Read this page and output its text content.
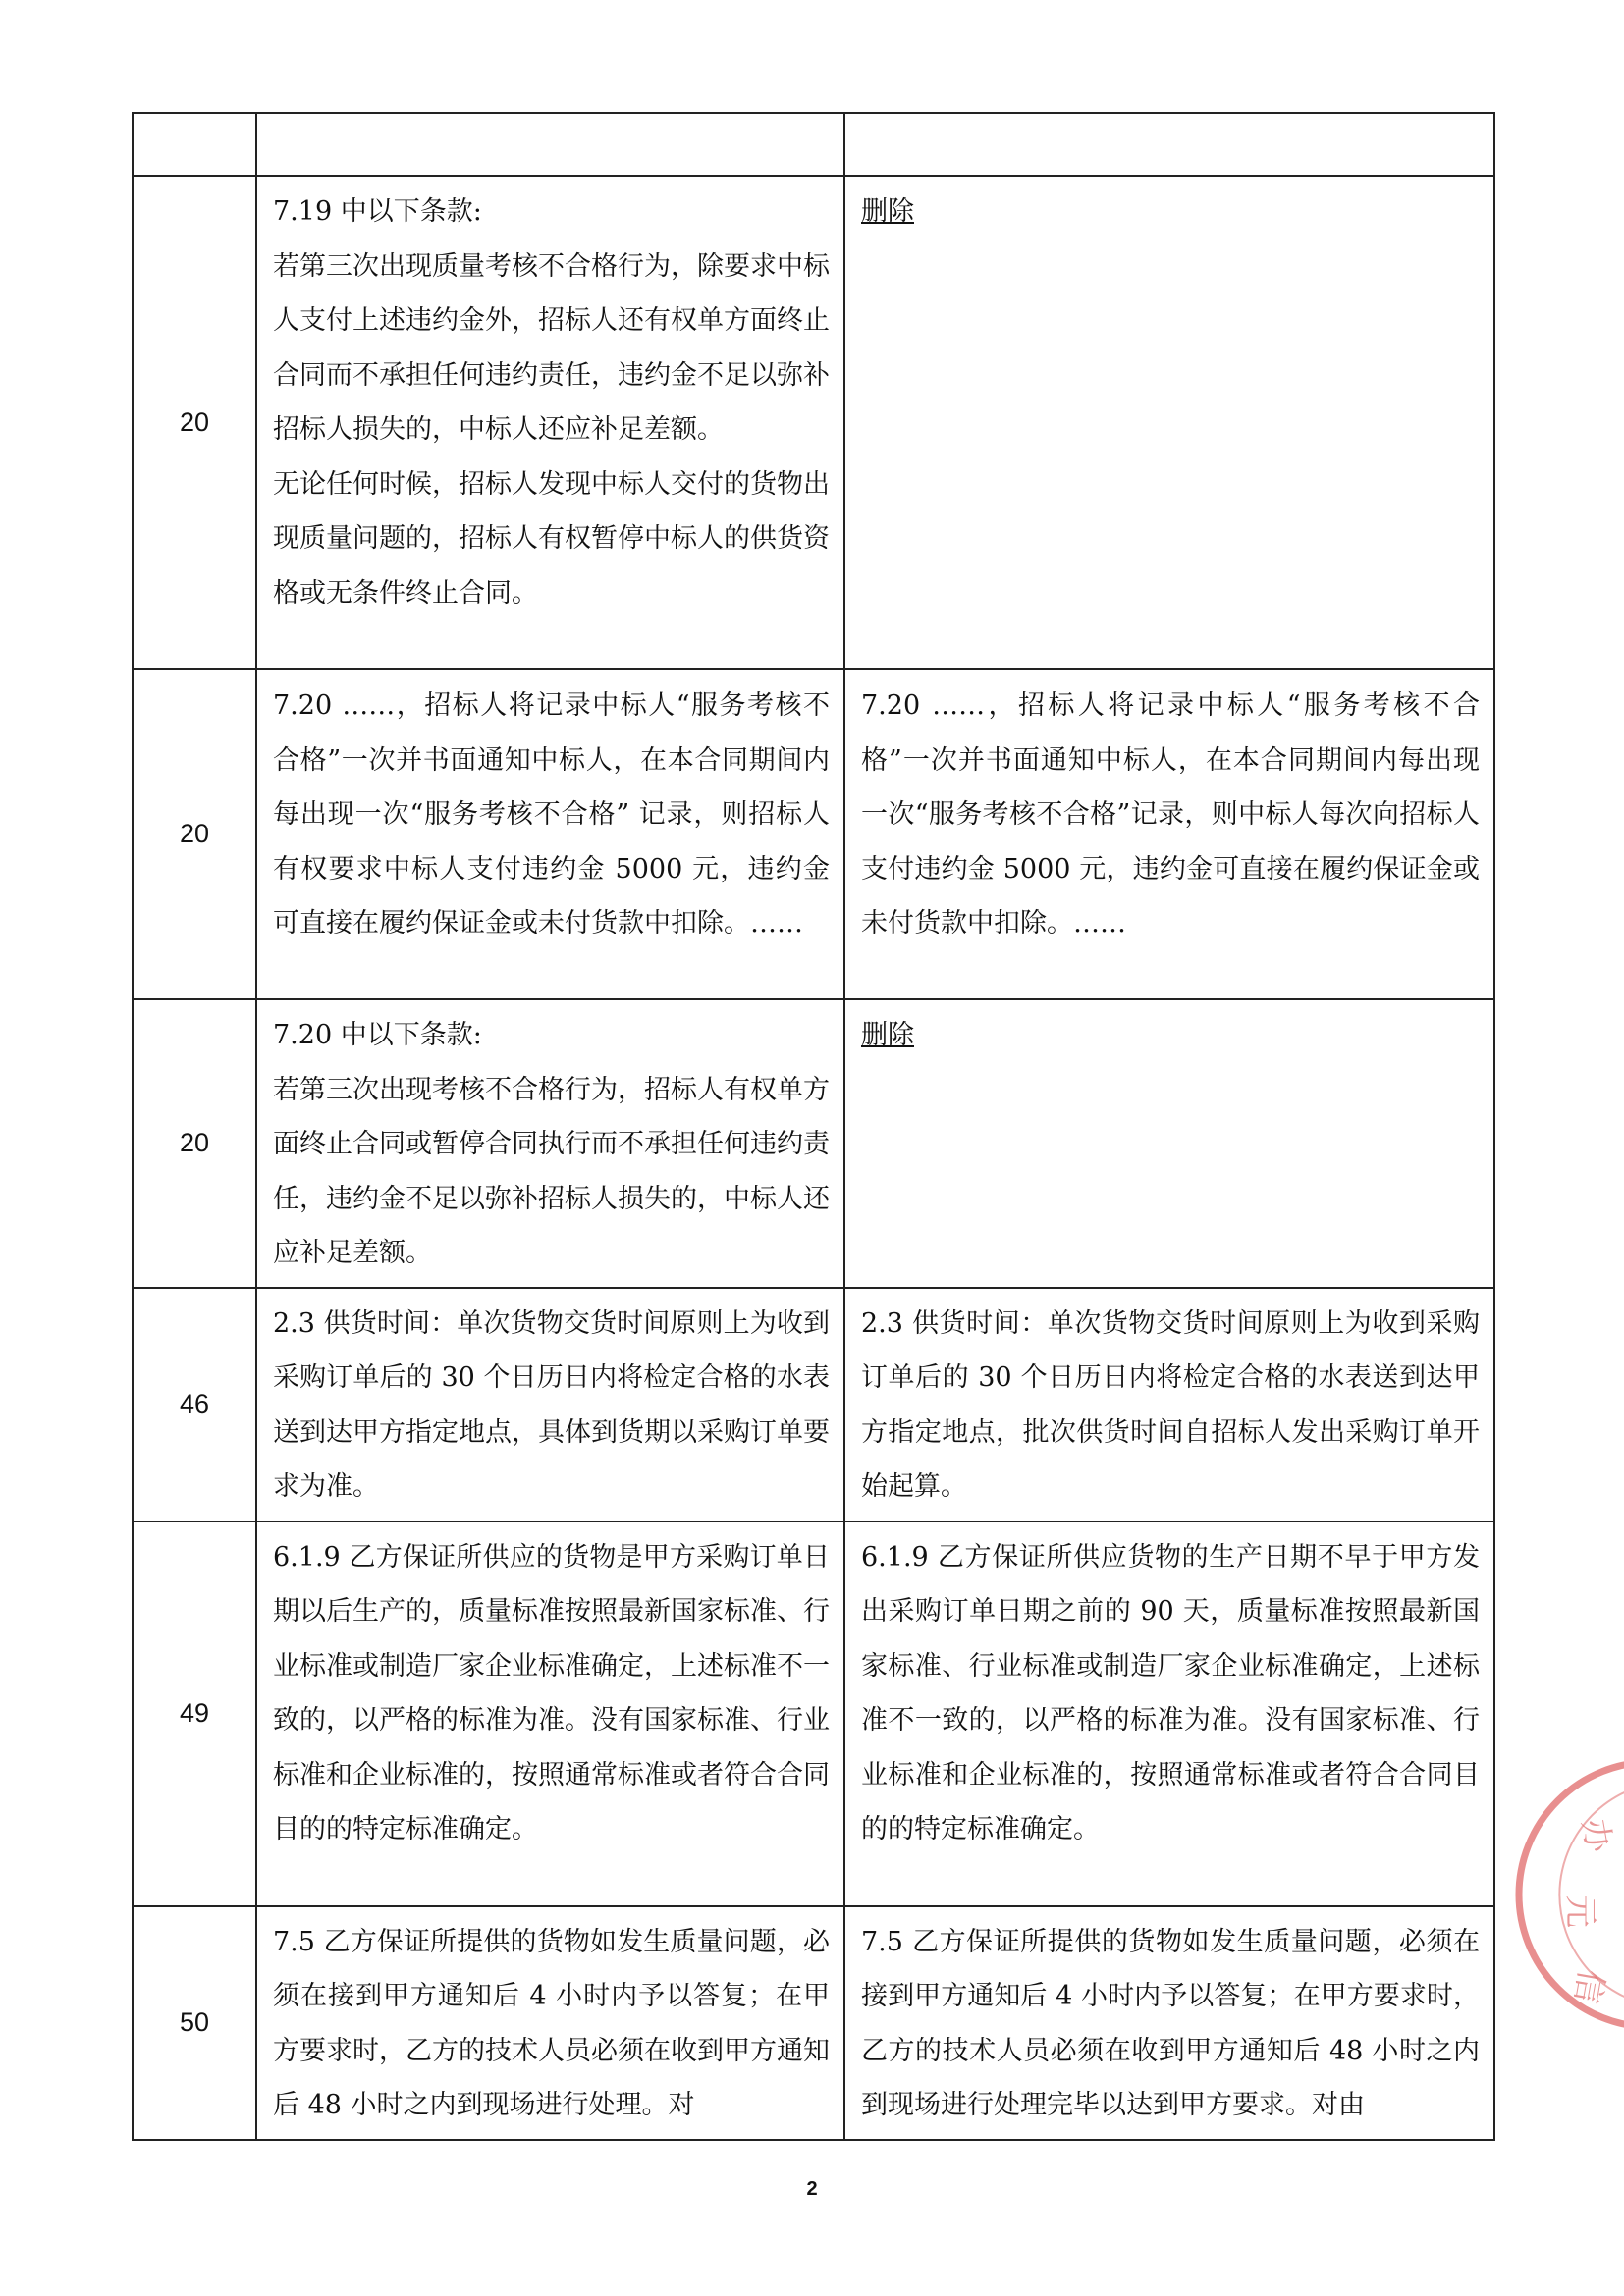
20	7.19 中以下条款:
若第三次出现质量考核不合格行为，除要求中标人支付上述违约金外，招标人还有权单方面终止合同而不承担任何违约责任，违约金不足以弥补招标人损失的，中标人还应补足差额。
无论任何时候，招标人发现中标人交付的货物出现质量问题的，招标人有权暂停中标人的供货资格或无条件终止合同。	删除

20	7.20 ……，招标人将记录中标人“服务考核不合格”一次并书面通知中标人，在本合同期间内每出现一次“服务考核不合格” 记录，则招标人有权要求中标人支付违约金 5000 元，违约金可直接在履约保证金或未付货款中扣除。……	7.20 ……，招标人将记录中标人“服务考核不合格”一次并书面通知中标人，在本合同期间内每出现一次“服务考核不合格”记录，则中标人每次向招标人支付违约金 5000 元，违约金可直接在履约保证金或未付货款中扣除。……

20	7.20 中以下条款:
若第三次出现考核不合格行为，招标人有权单方面终止合同或暂停合同执行而不承担任何违约责任，违约金不足以弥补招标人损失的，中标人还应补足差额。	删除

46	2.3 供货时间：单次货物交货时间原则上为收到采购订单后的 30 个日历日内将检定合格的水表送到达甲方指定地点，具体到货期以采购订单要求为准。	2.3 供货时间：单次货物交货时间原则上为收到采购订单后的 30 个日历日内将检定合格的水表送到达甲方指定地点，批次供货时间自招标人发出采购订单开始起算。

49	6.1.9 乙方保证所供应的货物是甲方采购订单日期以后生产的，质量标准按照最新国家标准、行业标准或制造厂家企业标准确定，上述标准不一致的，以严格的标准为准。没有国家标准、行业标准和企业标准的，按照通常标准或者符合合同目的的特定标准确定。	6.1.9 乙方保证所供应货物的生产日期不早于甲方发出采购订单日期之前的 90 天，质量标准按照最新国家标准、行业标准或制造厂家企业标准确定，上述标准不一致的，以严格的标准为准。没有国家标准、行业标准和企业标准的，按照通常标准或者符合合同目的的特定标准确定。

50	7.5 乙方保证所提供的货物如发生质量问题，必须在接到甲方通知后 4 小时内予以答复；在甲方要求时，乙方的技术人员必须在收到甲方通知后 48 小时之内到现场进行处理。对	7.5 乙方保证所提供的货物如发生质量问题，必须在接到甲方通知后 4 小时内予以答复；在甲方要求时，乙方的技术人员必须在收到甲方通知后 48 小时之内到现场进行处理完毕以达到甲方要求。对由
2
办
元
信
